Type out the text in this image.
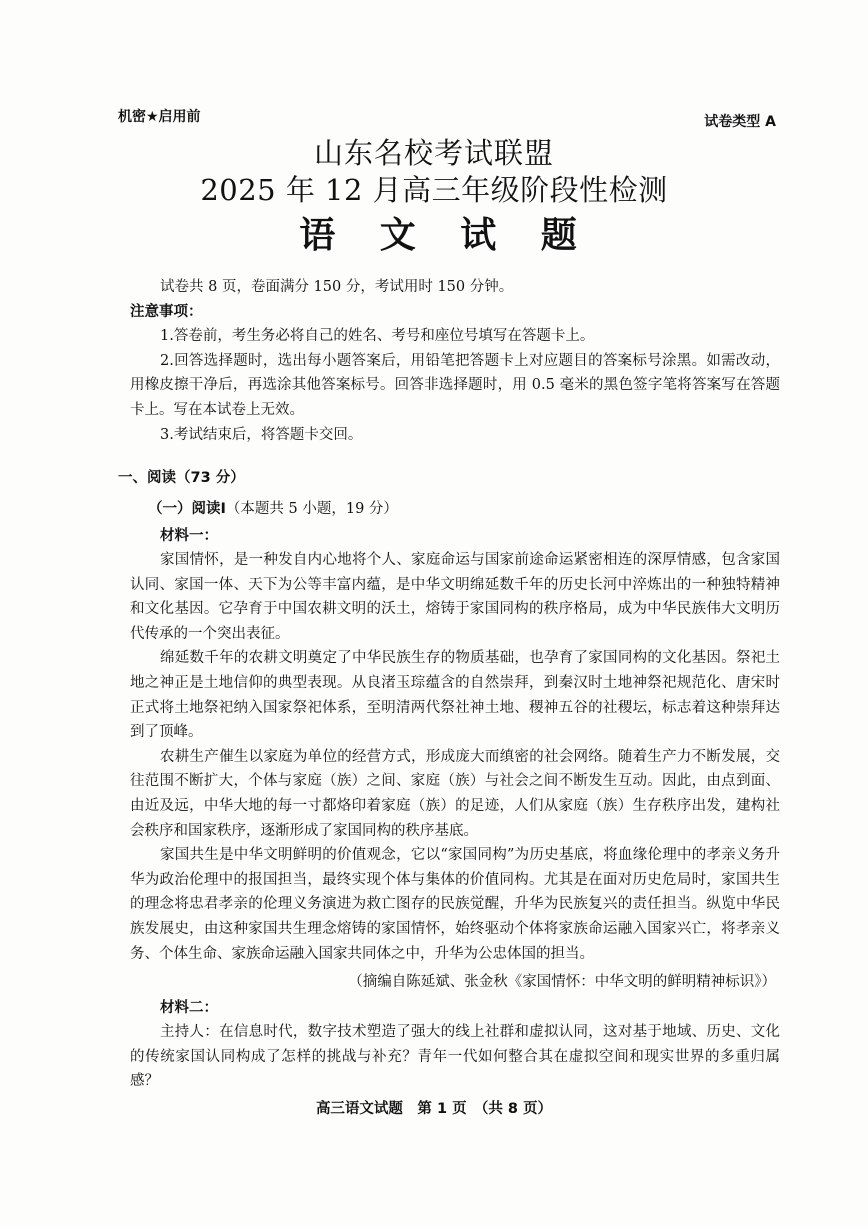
机密★启用前	试卷类型 A
山东名校考试联盟
2025 年 12 月高三年级阶段性检测
语 文 试 题

试卷共 8 页，卷面满分 150 分，考试用时 150 分钟。

注意事项：

1.答卷前，考生务必将自己的姓名、考号和座位号填写在答题卡上。

2.回答选择题时，选出每小题答案后，用铅笔把答题卡上对应题目的答案标号涂黑。如需改动，用橡皮擦干净后，再选涂其他答案标号。回答非选择题时，用 0.5 毫米的黑色签字笔将答案写在答题卡上。写在本试卷上无效。

3.考试结束后，将答题卡交回。

一、阅读（73 分）
（一）阅读Ⅰ（本题共 5 小题，19 分）
材料一：

家国情怀，是一种发自内心地将个人、家庭命运与国家前途命运紧密相连的深厚情感，包含家国认同、家国一体、天下为公等丰富内蕴，是中华文明绵延数千年的历史长河中淬炼出的一种独特精神和文化基因。它孕育于中国农耕文明的沃土，熔铸于家国同构的秩序格局，成为中华民族伟大文明历代传承的一个突出表征。

绵延数千年的农耕文明奠定了中华民族生存的物质基础，也孕育了家国同构的文化基因。祭祀土地之神正是土地信仰的典型表现。从良渚玉琮蕴含的自然崇拜，到秦汉时土地神祭祀规范化、唐宋时正式将土地祭祀纳入国家祭祀体系，至明清两代祭社神土地、稷神五谷的社稷坛，标志着这种崇拜达到了顶峰。

农耕生产催生以家庭为单位的经营方式，形成庞大而缜密的社会网络。随着生产力不断发展，交往范围不断扩大，个体与家庭（族）之间、家庭（族）与社会之间不断发生互动。因此，由点到面、由近及远，中华大地的每一寸都烙印着家庭（族）的足迹，人们从家庭（族）生存秩序出发，建构社会秩序和国家秩序，逐渐形成了家国同构的秩序基底。

家国共生是中华文明鲜明的价值观念，它以“家国同构”为历史基底，将血缘伦理中的孝亲义务升华为政治伦理中的报国担当，最终实现个体与集体的价值同构。尤其是在面对历史危局时，家国共生的理念将忠君孝亲的伦理义务演进为救亡图存的民族觉醒，升华为民族复兴的责任担当。纵览中华民族发展史，由这种家国共生理念熔铸的家国情怀，始终驱动个体将家族命运融入国家兴亡，将孝亲义务、个体生命、家族命运融入国家共同体之中，升华为公忠体国的担当。

（摘编自陈延斌、张金秋《家国情怀：中华文明的鲜明精神标识》）
材料二：

主持人：在信息时代，数字技术塑造了强大的线上社群和虚拟认同，这对基于地域、历史、文化的传统家国认同构成了怎样的挑战与补充？青年一代如何整合其在虚拟空间和现实世界的多重归属感？

高三语文试题　第 1 页　（共 8 页）
